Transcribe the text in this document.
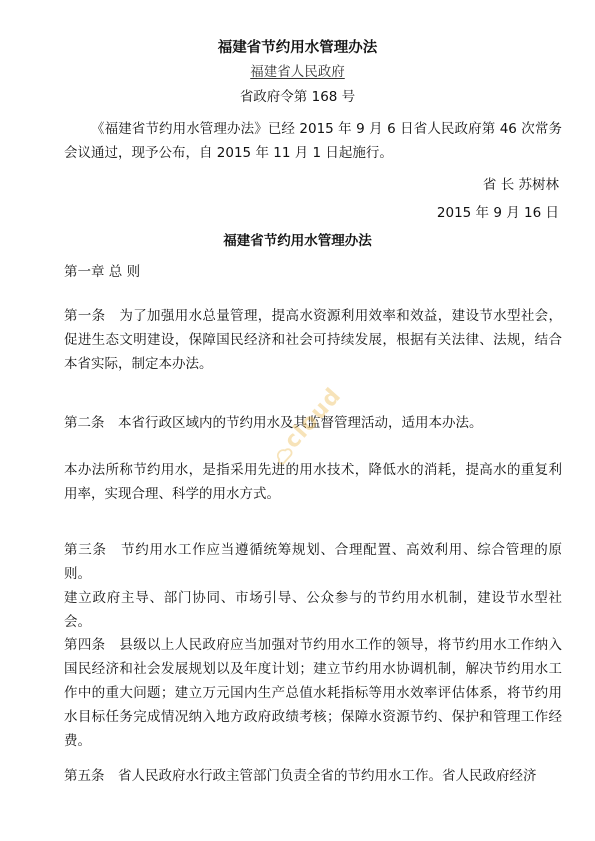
福建省节约用水管理办法
福建省人民政府
省政府令第 168 号

《福建省节约用水管理办法》已经 2015 年 9 月 6 日省人民政府第 46 次常务会议通过，现予公布，自 2015 年 11 月 1 日起施行。

省 长 苏树林
2015 年 9 月 16 日
福建省节约用水管理办法

第一章 总 则

第一条　为了加强用水总量管理，提高水资源利用效率和效益，建设节水型社会，促进生态文明建设，保障国民经济和社会可持续发展，根据有关法律、法规，结合本省实际，制定本办法。

第二条　本省行政区域内的节约用水及其监督管理活动，适用本办法。

本办法所称节约用水，是指采用先进的用水技术，降低水的消耗，提高水的重复利用率，实现合理、科学的用水方式。

第三条　节约用水工作应当遵循统筹规划、合理配置、高效利用、综合管理的原则。

建立政府主导、部门协同、市场引导、公众参与的节约用水机制，建设节水型社会。

第四条　县级以上人民政府应当加强对节约用水工作的领导，将节约用水工作纳入国民经济和社会发展规划以及年度计划；建立节约用水协调机制，解决节约用水工作中的重大问题；建立万元国内生产总值水耗指标等用水效率评估体系，将节约用水目标任务完成情况纳入地方政府政绩考核；保障水资源节约、保护和管理工作经费。

第五条　省人民政府水行政主管部门负责全省的节约用水工作。省人民政府经济

cloud
